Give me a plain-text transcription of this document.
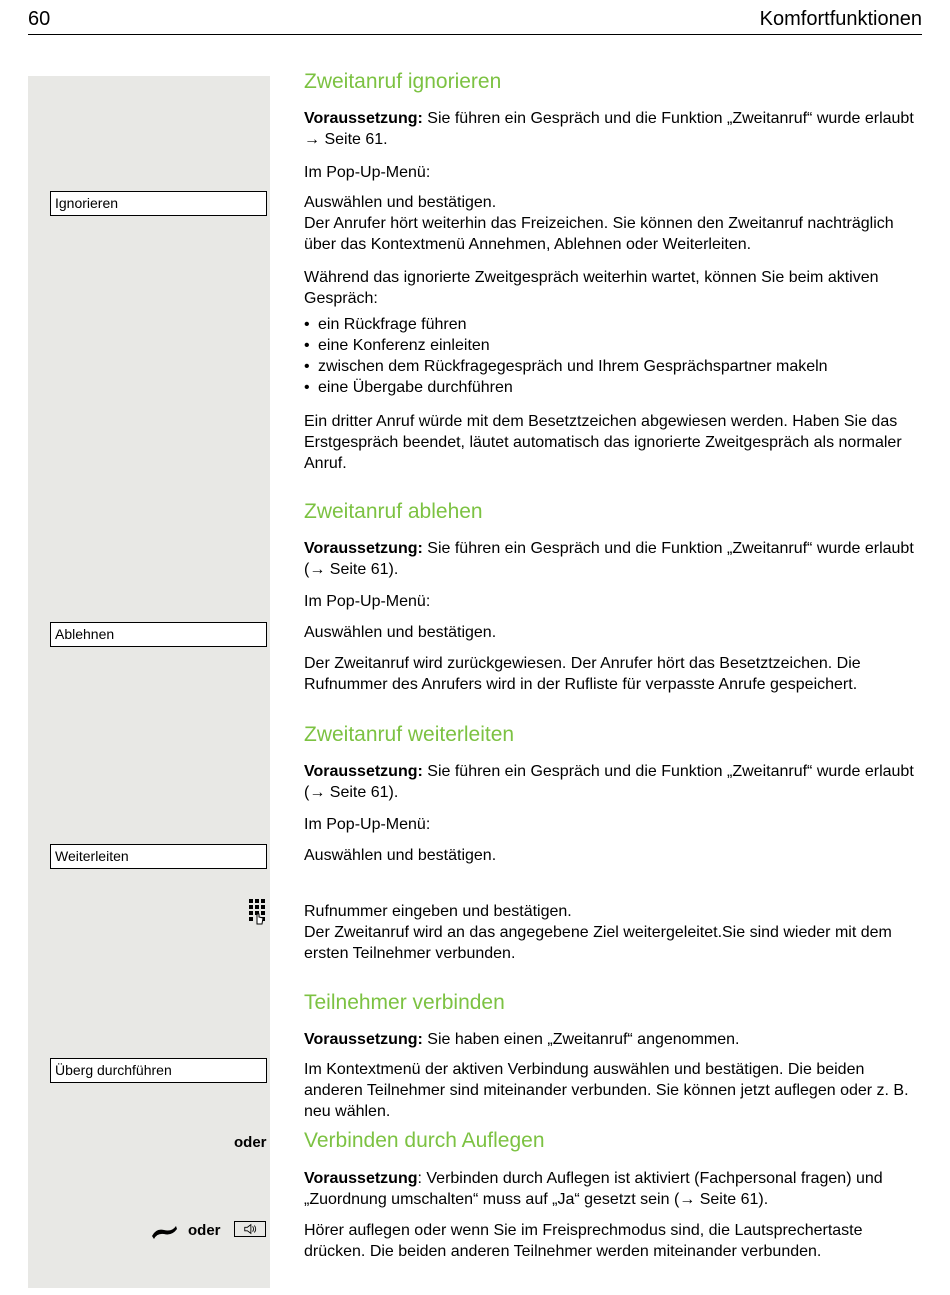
60	Komfortfunktionen
Ignorieren
Ablehnen
Weiterleiten
Überg durchführen
oder
oder
Zweitanruf ignorieren
Voraussetzung: Sie führen ein Gespräch und die Funktion „Zweitanruf“ wurde erlaubt → Seite 61.
Im Pop-Up-Menü:
Auswählen und bestätigen.
Der Anrufer hört weiterhin das Freizeichen. Sie können den Zweitanruf nachträglich über das Kontextmenü Annehmen, Ablehnen oder Weiterleiten.
Während das ignorierte Zweitgespräch weiterhin wartet, können Sie beim aktiven Gespräch:
• ein Rückfrage führen
• eine Konferenz einleiten
• zwischen dem Rückfragegespräch und Ihrem Gesprächspartner makeln
• eine Übergabe durchführen
Ein dritter Anruf würde mit dem Besetztzeichen abgewiesen werden. Haben Sie das Erstgespräch beendet, läutet automatisch das ignorierte Zweitgespräch als normaler Anruf.
Zweitanruf ablehen
Voraussetzung: Sie führen ein Gespräch und die Funktion „Zweitanruf“ wurde erlaubt (→ Seite 61).
Im Pop-Up-Menü:
Auswählen und bestätigen.
Der Zweitanruf wird zurückgewiesen. Der Anrufer hört das Besetztzeichen. Die Rufnummer des Anrufers wird in der Rufliste für verpasste Anrufe gespeichert.
Zweitanruf weiterleiten
Voraussetzung: Sie führen ein Gespräch und die Funktion „Zweitanruf“ wurde erlaubt (→ Seite 61).
Im Pop-Up-Menü:
Auswählen und bestätigen.
Rufnummer eingeben und bestätigen.
Der Zweitanruf wird an das angegebene Ziel weitergeleitet.Sie sind wieder mit dem ersten Teilnehmer verbunden.
Teilnehmer verbinden
Voraussetzung: Sie haben einen „Zweitanruf“ angenommen.
Im Kontextmenü der aktiven Verbindung auswählen und bestätigen. Die beiden anderen Teilnehmer sind miteinander verbunden. Sie können jetzt auflegen oder z. B. neu wählen.
Verbinden durch Auflegen
Voraussetzung: Verbinden durch Auflegen ist aktiviert (Fachpersonal fragen) und „Zuordnung umschalten“ muss auf „Ja“ gesetzt sein (→ Seite 61).
Hörer auflegen oder wenn Sie im Freisprechmodus sind, die Lautsprechertaste drücken. Die beiden anderen Teilnehmer werden miteinander verbunden.
